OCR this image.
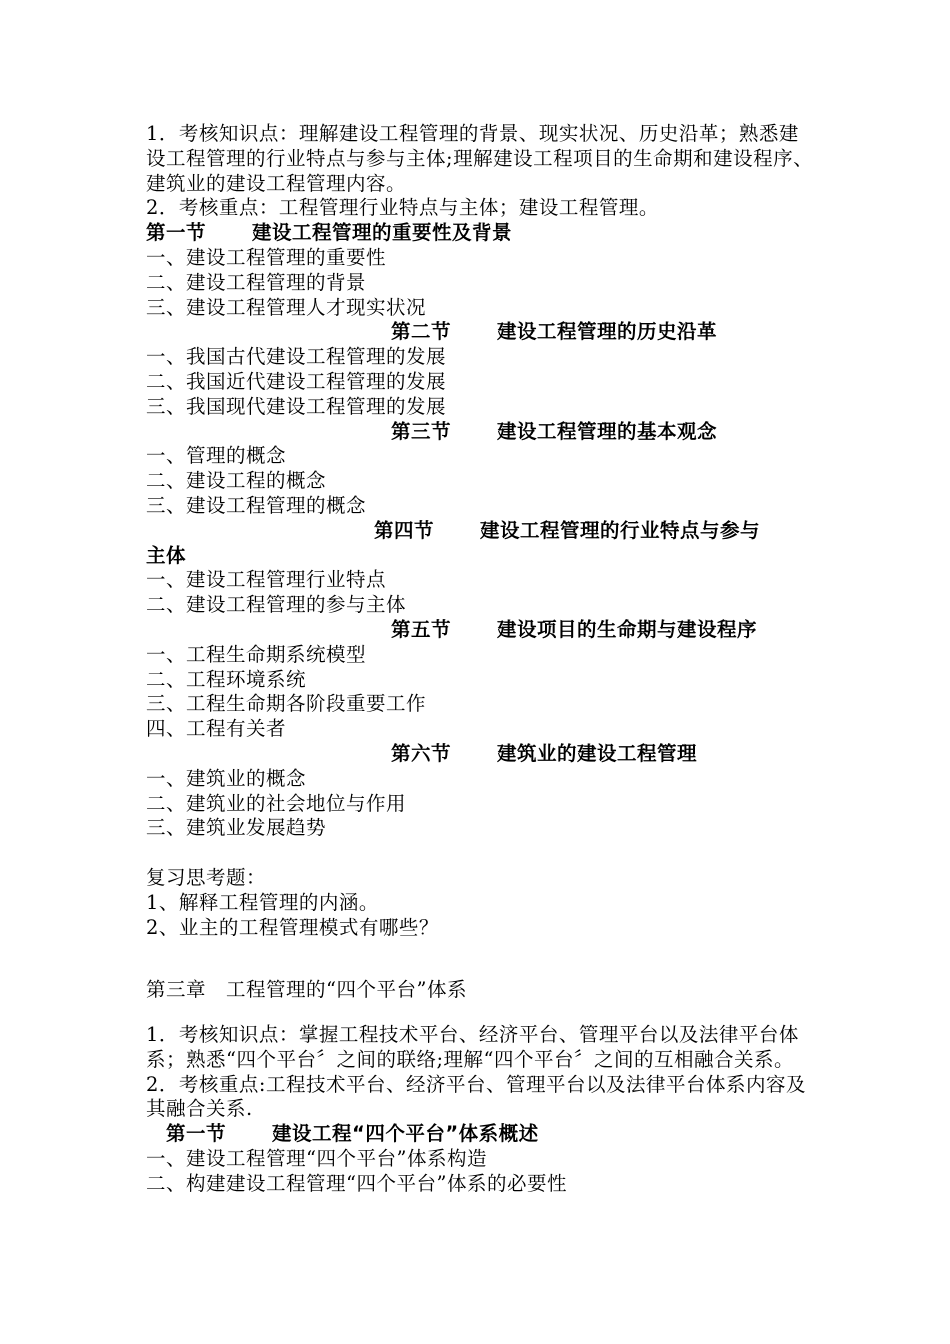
1．考核知识点：理解建设工程管理的背景、现实状况、历史沿革；熟悉建设工程管理的行业特点与参与主体;理解建设工程项目的生命期和建设程序、建筑业的建设工程管理内容。
2．考核重点：工程管理行业特点与主体；建设工程管理。
第一节 建设工程管理的重要性及背景
一、建设工程管理的重要性
二、建设工程管理的背景
三、建设工程管理人才现实状况
第二节 建设工程管理的历史沿革
一、我国古代建设工程管理的发展
二、我国近代建设工程管理的发展
三、我国现代建设工程管理的发展
第三节 建设工程管理的基本观念
一、管理的概念
二、建设工程的概念
三、建设工程管理的概念
第四节 建设工程管理的行业特点与参与
主体
一、建设工程管理行业特点
二、建设工程管理的参与主体
第五节 建设项目的生命期与建设程序
一、工程生命期系统模型
二、工程环境系统
三、工程生命期各阶段重要工作
四、工程有关者
第六节 建筑业的建设工程管理
一、建筑业的概念
二、建筑业的社会地位与作用
三、建筑业发展趋势
复习思考题：
1、解释工程管理的内涵。
2、业主的工程管理模式有哪些？
第三章　工程管理的“四个平台”体系
1．考核知识点：掌握工程技术平台、经济平台、管理平台以及法律平台体系；熟悉“四个平台〞之间的联络;理解“四个平台〞之间的互相融合关系。
2．考核重点:工程技术平台、经济平台、管理平台以及法律平台体系内容及其融合关系.
第一节 建设工程“四个平台”体系概述
一、建设工程管理“四个平台”体系构造
二、构建建设工程管理“四个平台”体系的必要性
